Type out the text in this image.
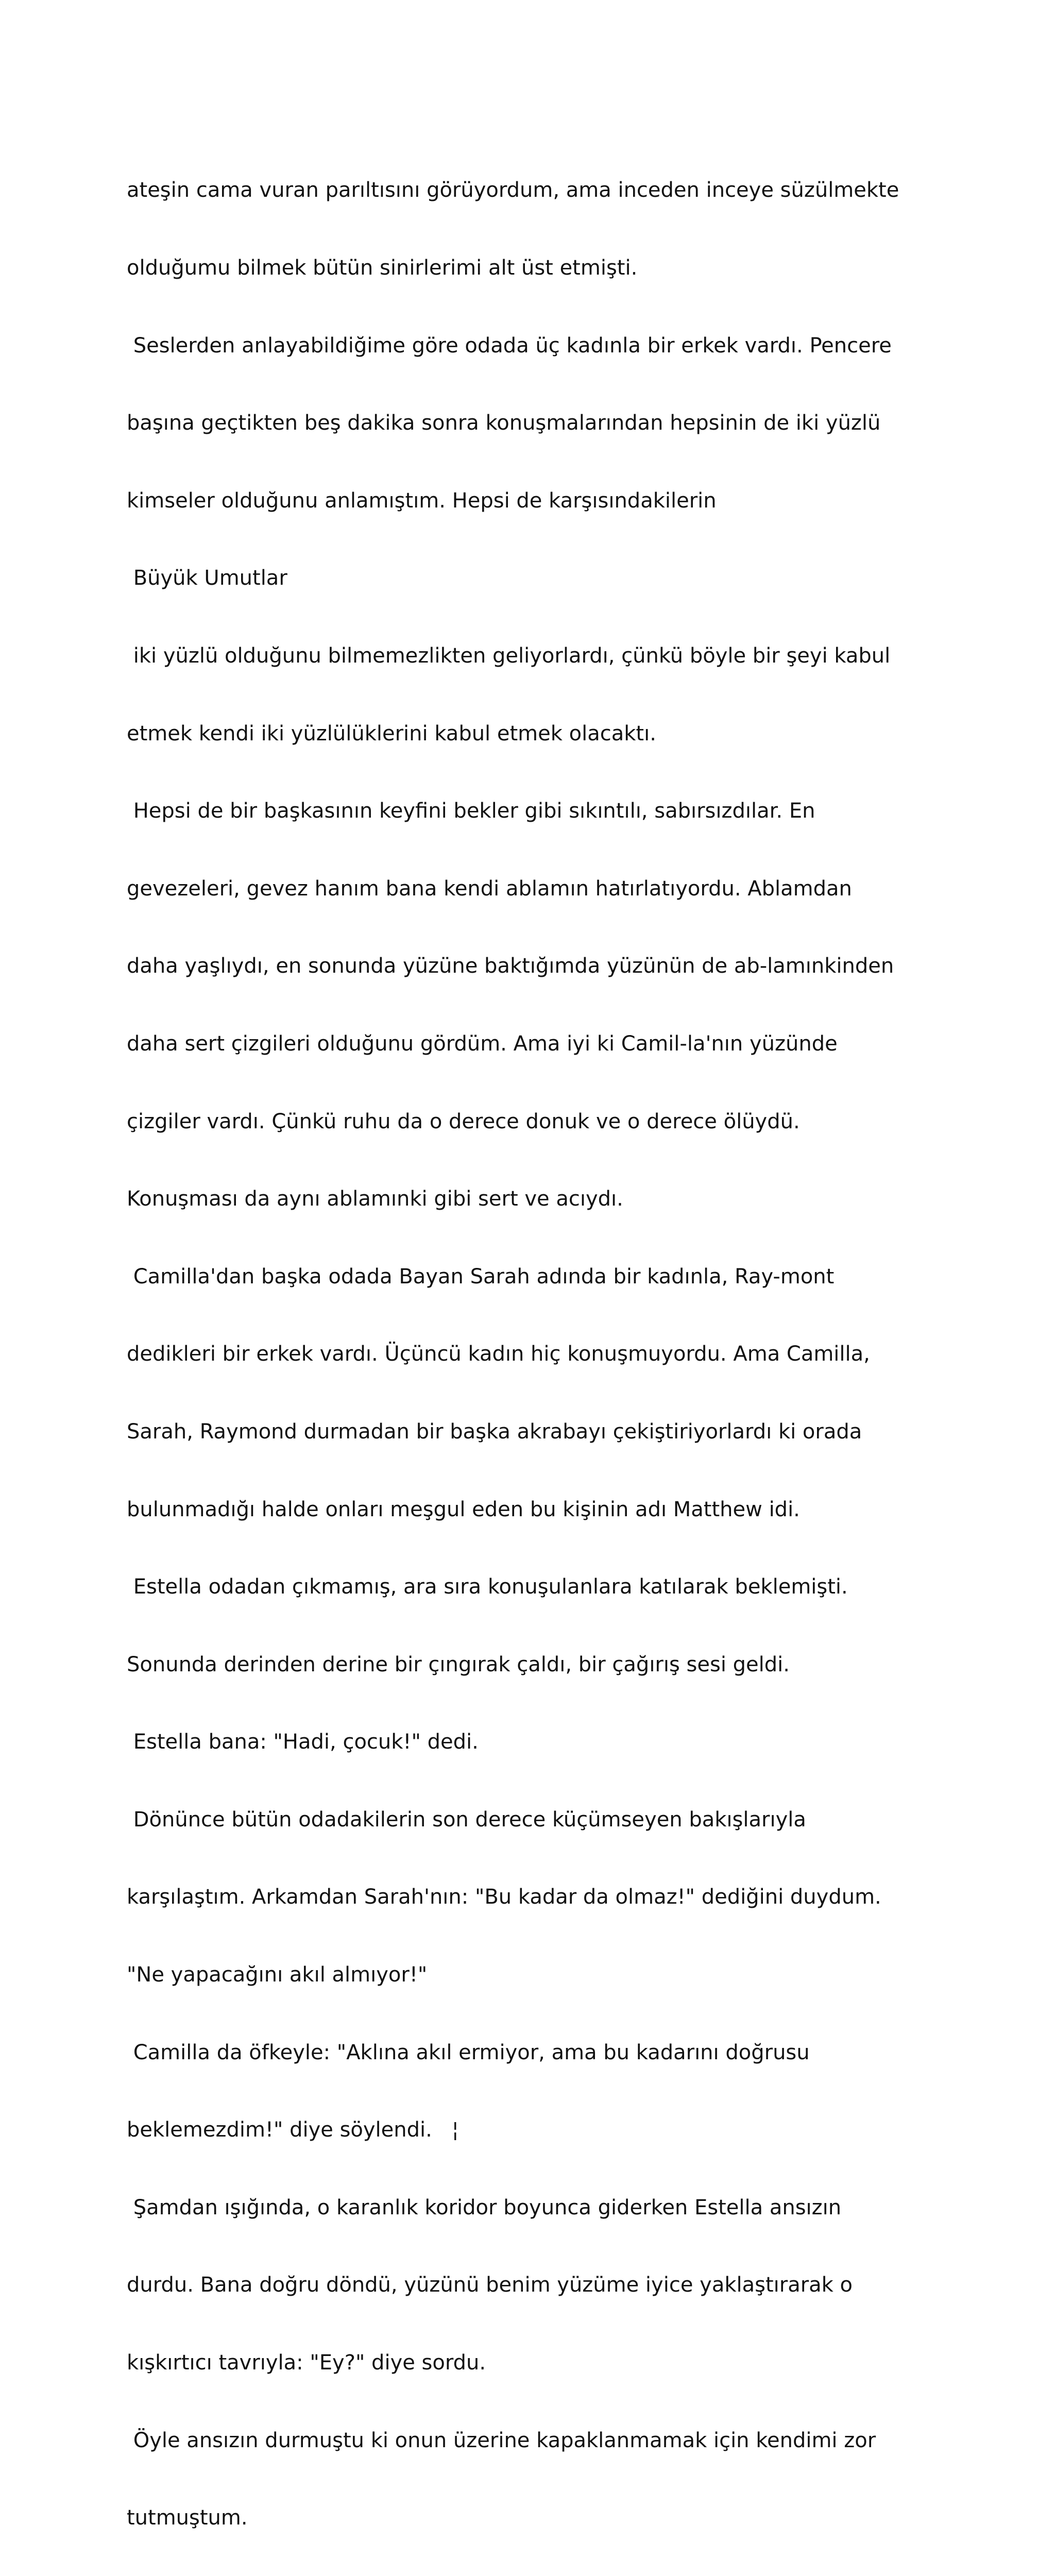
ateşin cama vuran parıltısını görüyordum, ama inceden inceye süzülmekte

olduğumu bilmek bütün sinirlerimi alt üst etmişti.

Seslerden anlayabildiğime göre odada üç kadınla bir erkek vardı. Pencere

başına geçtikten beş dakika sonra konuşmalarından hepsinin de iki yüzlü

kimseler olduğunu anlamıştım. Hepsi de karşısındakilerin

Büyük Umutlar

iki yüzlü olduğunu bilmemezlikten geliyorlardı, çünkü böyle bir şeyi kabul

etmek kendi iki yüzlülüklerini kabul etmek olacaktı.

Hepsi de bir başkasının keyfini bekler gibi sıkıntılı, sabırsızdılar. En

gevezeleri, gevez hanım bana kendi ablamın hatırlatıyordu. Ablamdan

daha yaşlıydı, en sonunda yüzüne baktığımda yüzünün de ab-lamınkinden

daha sert çizgileri olduğunu gördüm. Ama iyi ki Camil-la'nın yüzünde

çizgiler vardı. Çünkü ruhu da o derece donuk ve o derece ölüydü.

Konuşması da aynı ablamınki gibi sert ve acıydı.

Camilla'dan başka odada Bayan Sarah adında bir kadınla, Ray-mont

dedikleri bir erkek vardı. Üçüncü kadın hiç konuşmuyordu. Ama Camilla,

Sarah, Raymond durmadan bir başka akrabayı çekiştiriyorlardı ki orada

bulunmadığı halde onları meşgul eden bu kişinin adı Matthew idi.

Estella odadan çıkmamış, ara sıra konuşulanlara katılarak beklemişti.

Sonunda derinden derine bir çıngırak çaldı, bir çağırış sesi geldi.

Estella bana: "Hadi, çocuk!" dedi.

Dönünce bütün odadakilerin son derece küçümseyen bakışlarıyla

karşılaştım. Arkamdan Sarah'nın: "Bu kadar da olmaz!" dediğini duydum.

"Ne yapacağını akıl almıyor!"

Camilla da öfkeyle: "Aklına akıl ermiyor, ama bu kadarını doğrusu

beklemezdim!" diye söylendi.   ¦

Şamdan ışığında, o karanlık koridor boyunca giderken Estella ansızın

durdu. Bana doğru döndü, yüzünü benim yüzüme iyice yaklaştırarak o

kışkırtıcı tavrıyla: "Ey?" diye sordu.

Öyle ansızın durmuştu ki onun üzerine kapaklanmamak için kendimi zor

tutmuştum.
